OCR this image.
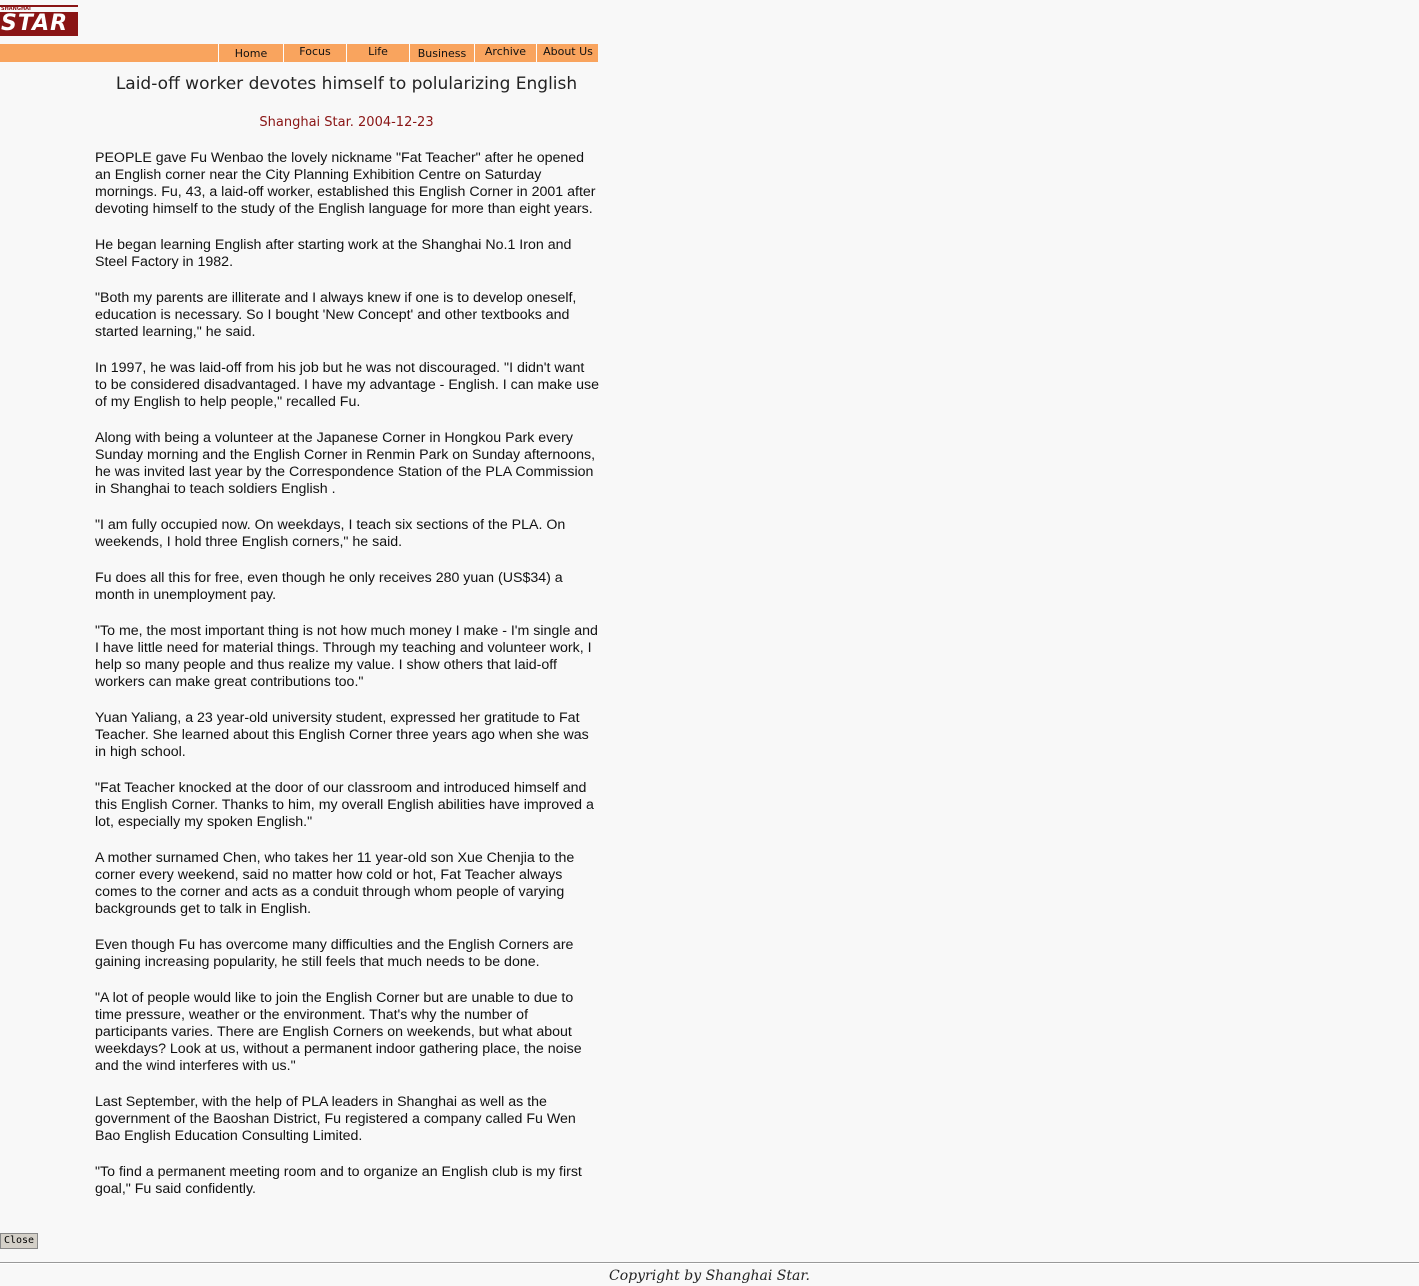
SHANGHAI
STAR
Home	Focus	Life	Business	Archive	About Us
Laid-off worker devotes himself to polularizing English
Shanghai Star. 2004-12-23

PEOPLE gave Fu Wenbao the lovely nickname "Fat Teacher" after he opened an English corner near the City Planning Exhibition Centre on Saturday mornings. Fu, 43, a laid-off worker, established this English Corner in 2001 after devoting himself to the study of the English language for more than eight years.

He began learning English after starting work at the Shanghai No.1 Iron and Steel Factory in 1982.

"Both my parents are illiterate and I always knew if one is to develop oneself, education is necessary. So I bought 'New Concept' and other textbooks and started learning," he said.

In 1997, he was laid-off from his job but he was not discouraged. "I didn't want to be considered disadvantaged. I have my advantage - English. I can make use of my English to help people," recalled Fu.

Along with being a volunteer at the Japanese Corner in Hongkou Park every Sunday morning and the English Corner in Renmin Park on Sunday afternoons, he was invited last year by the Correspondence Station of the PLA Commission in Shanghai to teach soldiers English .

"I am fully occupied now. On weekdays, I teach six sections of the PLA. On weekends, I hold three English corners," he said.

Fu does all this for free, even though he only receives 280 yuan (US$34) a month in unemployment pay.

"To me, the most important thing is not how much money I make - I'm single and I have little need for material things. Through my teaching and volunteer work, I help so many people and thus realize my value. I show others that laid-off workers can make great contributions too."

Yuan Yaliang, a 23 year-old university student, expressed her gratitude to Fat Teacher. She learned about this English Corner three years ago when she was in high school.

"Fat Teacher knocked at the door of our classroom and introduced himself and this English Corner. Thanks to him, my overall English abilities have improved a lot, especially my spoken English."

A mother surnamed Chen, who takes her 11 year-old son Xue Chenjia to the corner every weekend, said no matter how cold or hot, Fat Teacher always comes to the corner and acts as a conduit through whom people of varying backgrounds get to talk in English.

Even though Fu has overcome many difficulties and the English Corners are gaining increasing popularity, he still feels that much needs to be done.

"A lot of people would like to join the English Corner but are unable to due to time pressure, weather or the environment. That's why the number of participants varies. There are English Corners on weekends, but what about weekdays? Look at us, without a permanent indoor gathering place, the noise and the wind interferes with us."

Last September, with the help of PLA leaders in Shanghai as well as the government of the Baoshan District, Fu registered a company called Fu Wen Bao English Education Consulting Limited.

"To find a permanent meeting room and to organize an English club is my first goal," Fu said confidently.

Close
Copyright by Shanghai Star.
